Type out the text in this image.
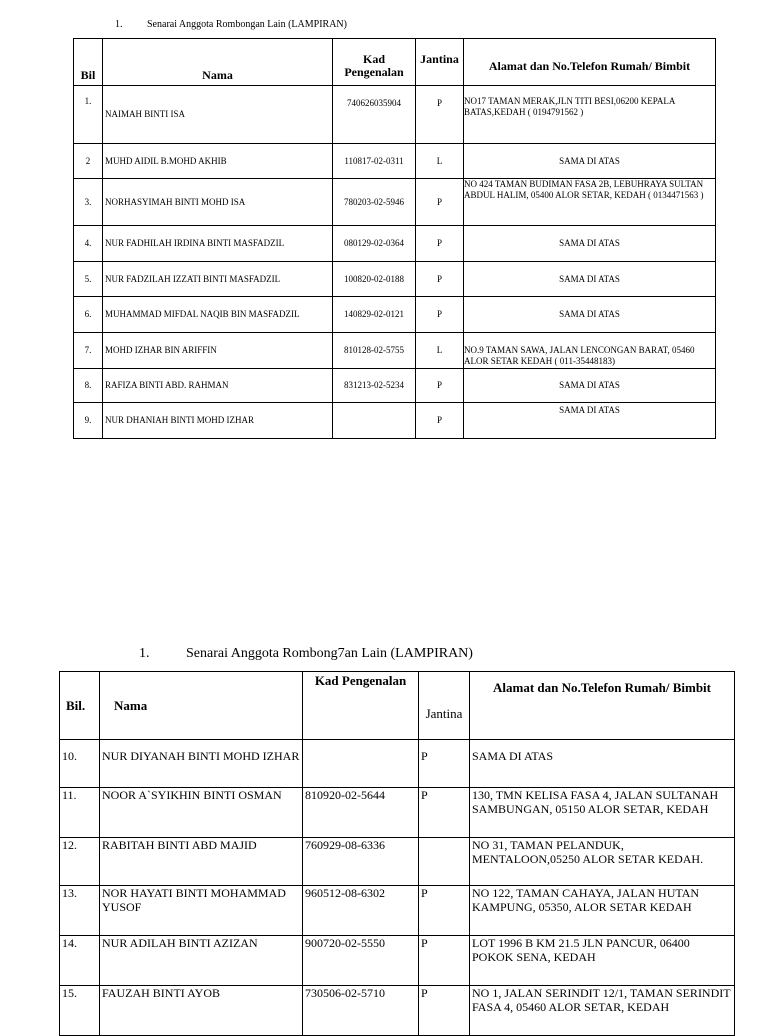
1. Senarai Anggota Rombongan Lain (LAMPIRAN)
Bil	Nama	Kad Pengenalan	Jantina	Alamat dan No.Telefon Rumah/ Bimbit
1.	NAIMAH BINTI ISA	740626035904	P	NO17 TAMAN MERAK,JLN TITI BESI,06200 KEPALA BATAS,KEDAH ( 0194791562 )
2	MUHD AIDIL B.MOHD AKHIB	110817-02-0311	L	SAMA DI ATAS
3.	NORHASYIMAH BINTI MOHD ISA	780203-02-5946	P	NO 424 TAMAN BUDIMAN FASA 2B, LEBUHRAYA SULTAN ABDUL HALIM, 05400 ALOR SETAR, KEDAH ( 0134471563 )
4.	NUR FADHILAH IRDINA BINTI MASFADZIL	080129-02-0364	P	SAMA DI ATAS
5.	NUR FADZILAH IZZATI BINTI MASFADZIL	100820-02-0188	P	SAMA DI ATAS
6.	MUHAMMAD MIFDAL NAQIB BIN MASFADZIL	140829-02-0121	P	SAMA DI ATAS
7.	MOHD IZHAR BIN ARIFFIN	810128-02-5755	L	NO.9 TAMAN SAWA, JALAN LENCONGAN BARAT, 05460 ALOR SETAR KEDAH ( 011-35448183)
8.	RAFIZA BINTI ABD. RAHMAN	831213-02-5234	P	SAMA DI ATAS
9.	NUR DHANIAH BINTI MOHD IZHAR		P	SAMA DI ATAS
1.	Senarai Anggota Rombong7an Lain (LAMPIRAN)
Bil.	Nama	Kad Pengenalan	Jantina	Alamat dan No.Telefon Rumah/ Bimbit
10.	NUR DIYANAH BINTI MOHD IZHAR		P	SAMA DI ATAS
11.	NOOR A`SYIKHIN BINTI OSMAN	810920-02-5644	P	130, TMN KELISA FASA 4, JALAN SULTANAH SAMBUNGAN, 05150 ALOR SETAR, KEDAH
12.	RABITAH BINTI ABD MAJID	760929-08-6336		NO 31, TAMAN PELANDUK, MENTALOON,05250 ALOR SETAR KEDAH.
13.	NOR HAYATI BINTI MOHAMMAD YUSOF	960512-08-6302	P	NO 122, TAMAN CAHAYA, JALAN HUTAN KAMPUNG, 05350, ALOR SETAR KEDAH
14.	NUR ADILAH BINTI AZIZAN	900720-02-5550	P	LOT 1996 B KM 21.5 JLN PANCUR, 06400 POKOK SENA, KEDAH
15.	FAUZAH BINTI AYOB	730506-02-5710	P	NO 1, JALAN SERINDIT 12/1, TAMAN SERINDIT FASA 4, 05460 ALOR SETAR, KEDAH
